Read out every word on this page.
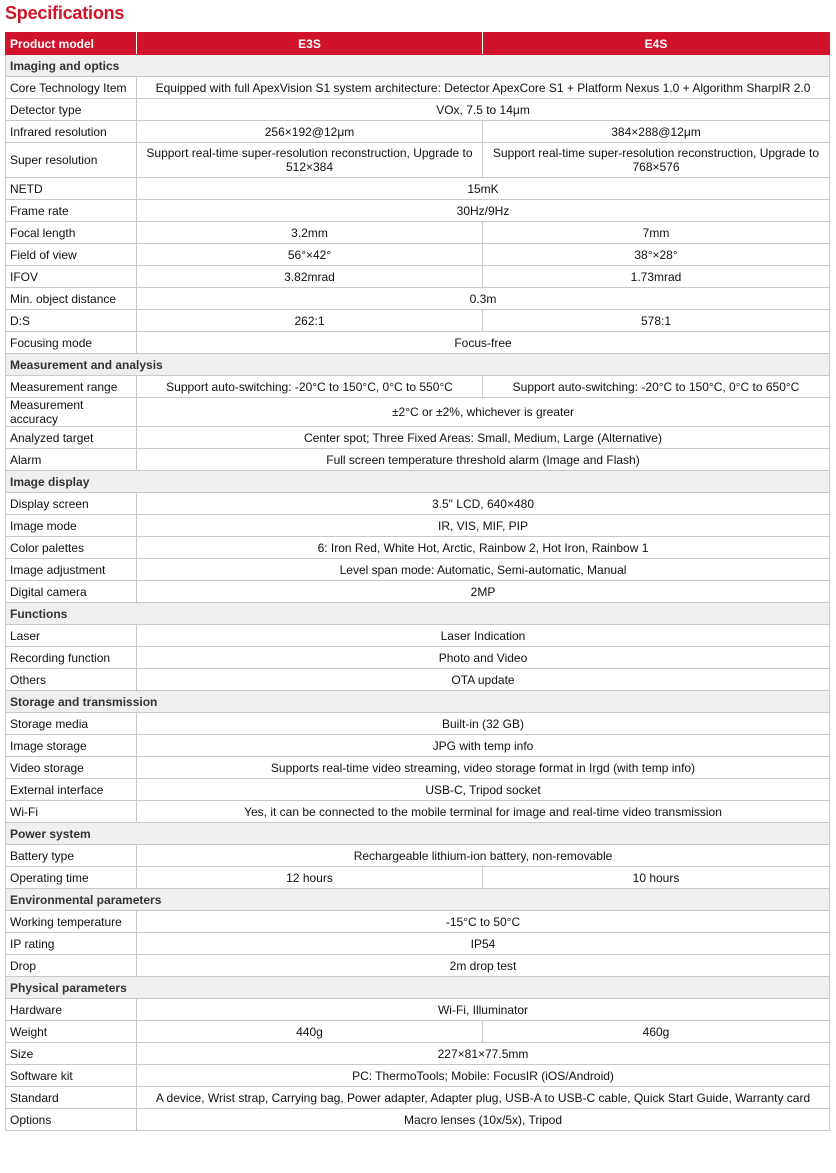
Specifications
Product model	E3S	E4S
Imaging and optics		
Core Technology Item	Equipped with full ApexVision S1 system architecture: Detector ApexCore S1 + Platform Nexus 1.0 + Algorithm SharpIR 2.0	
Detector type	VOx, 7.5 to 14μm	
Infrared resolution	256×192@12μm	384×288@12μm
Super resolution	Support real-time super-resolution reconstruction, Upgrade to 512×384	Support real-time super-resolution reconstruction, Upgrade to 768×576
NETD	15mK	
Frame rate	30Hz/9Hz	
Focal length	3.2mm	7mm
Field of view	56°×42°	38°×28°
IFOV	3.82mrad	1.73mrad
Min. object distance	0.3m	
D:S	262:1	578:1
Focusing mode	Focus-free	
Measurement and analysis		
Measurement range	Support auto-switching: -20°C to 150°C, 0°C to 550°C	Support auto-switching: -20°C to 150°C, 0°C to 650°C
Measurement accuracy	±2°C or ±2%, whichever is greater	
Analyzed target	Center spot; Three Fixed Areas: Small, Medium, Large (Alternative)	
Alarm	Full screen temperature threshold alarm (Image and Flash)	
Image display		
Display screen	3.5" LCD, 640×480	
Image mode	IR, VIS, MIF, PIP	
Color palettes	6: Iron Red, White Hot, Arctic, Rainbow 2, Hot Iron, Rainbow 1	
Image adjustment	Level span mode: Automatic, Semi-automatic, Manual	
Digital camera	2MP	
Functions		
Laser	Laser Indication	
Recording function	Photo and Video	
Others	OTA update	
Storage and transmission		
Storage media	Built-in (32 GB)	
Image storage	JPG with temp info	
Video storage	Supports real-time video streaming, video storage format in Irgd (with temp info)	
External interface	USB-C, Tripod socket	
Wi-Fi	Yes, it can be connected to the mobile terminal for image and real-time video transmission	
Power system		
Battery type	Rechargeable lithium-ion battery, non-removable	
Operating time	12 hours	10 hours
Environmental parameters		
Working temperature	-15°C to 50°C	
IP rating	IP54	
Drop	2m drop test	
Physical parameters		
Hardware	Wi-Fi, Illuminator	
Weight	440g	460g
Size	227×81×77.5mm	
Software kit	PC: ThermoTools; Mobile: FocusIR (iOS/Android)	
Standard	A device, Wrist strap, Carrying bag, Power adapter, Adapter plug, USB-A to USB-C cable, Quick Start Guide, Warranty card	
Options	Macro lenses (10x/5x), Tripod	
